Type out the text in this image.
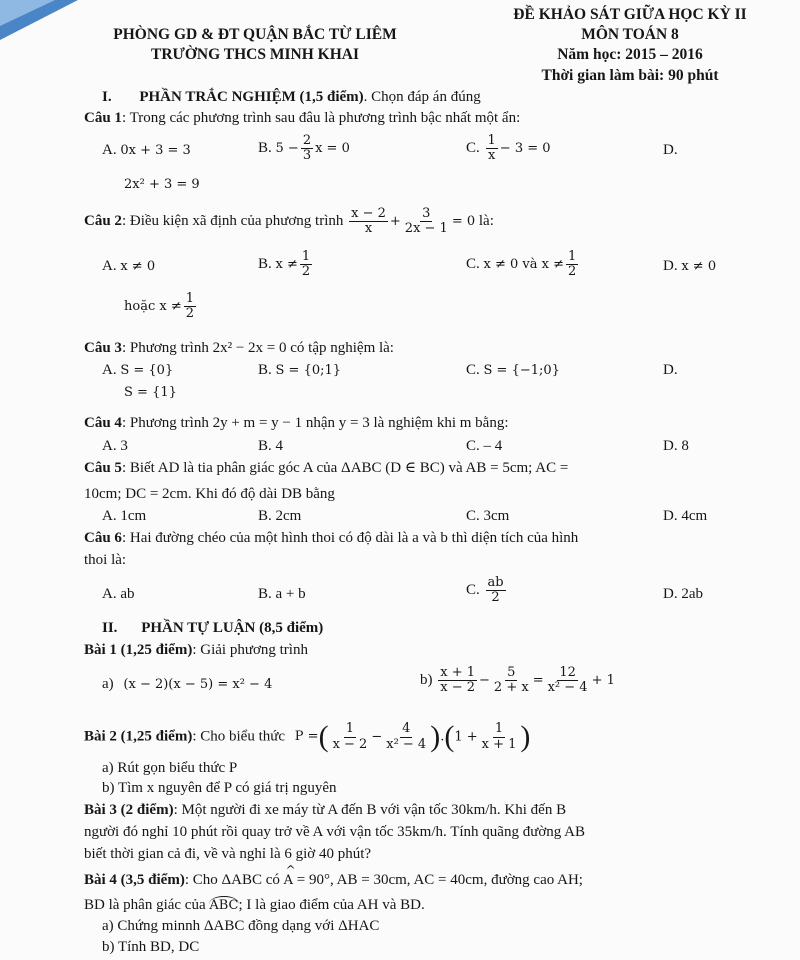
PHÒNG GD & ĐT QUẬN BẮC TỪ LIÊM
TRƯỜNG THCS MINH KHAI
ĐỀ KHẢO SÁT GIỮA HỌC KỲ II
MÔN TOÁN 8
Năm học: 2015 – 2016
Thời gian làm bài: 90 phút
I. PHẦN TRẮC NGHIỆM (1,5 điểm). Chọn đáp án đúng
Câu 1: Trong các phương trình sau đâu là phương trình bậc nhất một ẩn:
A. 0x + 3 = 3	B. $5 - \frac{2}{3}$ x = 0	C. $\frac{1}{x} - 3 = 0$	D.
2x² + 3 = 9
Câu 2: Điều kiện xã định của phương trình $\frac{x - 2}{x} + \frac{3}{2x - 1} = 0$ là:
A. x ≠ 0	B. $x \ne \frac{1}{2}$	C. x ≠ 0 và $x \ne \frac{1}{2}$	D. x ≠ 0
hoặc $x \ne \frac{1}{2}$
Câu 3: Phương trình 2x² − 2x = 0 có tập nghiệm là:
A. S = {0}	B. S = {0;1}	C. S = {−1;0}	D.
S = {1}
Câu 4: Phương trình 2y + m = y − 1 nhận y = 3 là nghiệm khi m bằng:
A. 3	B. 4	C. – 4	D. 8
Câu 5: Biết AD là tia phân giác góc A của ΔABC (D ∈ BC) và AB = 5cm; AC =
10cm; DC = 2cm. Khi đó độ dài DB bằng
A. 1cm	B. 2cm	C. 3cm	D. 4cm
Câu 6: Hai đường chéo của một hình thoi có độ dài là a và b thì diện tích của hình
thoi là:
A. ab	B. a + b	C. $\frac{ab}{2}$	D. 2ab
II. PHẦN TỰ LUẬN (8,5 điểm)
Bài 1 (1,25 điểm): Giải phương trình
a) (x − 2)(x − 5) = x² − 4	$b) \frac{x + 1}{x - 2} - \frac{5}{2 + x} = \frac{12}{\text{x² − 4}} + 1$
Bài 2 (1,25 điểm): Cho biểu thức P =( $\frac{1}{x - 2} - \frac{4}{\text{x² − 4}} ).(1 + \frac{1}{x + 1}$ )
a) Rút gọn biểu thức P
b) Tìm x nguyên để P có giá trị nguyên
Bài 3 (2 điểm): Một người đi xe máy từ A đến B với vận tốc 30km/h. Khi đến B
người đó nghỉ 10 phút rồi quay trở về A với vận tốc 35km/h. Tính quãng đường AB
biết thời gian cả đi, về và nghỉ là 6 giờ 40 phút?
Bài 4 (3,5 điểm): Cho ΔABC có ^ A = 90°, AB = 30cm, AC = 40cm, đường cao AH;
BD là phân giác của ABC; I là giao điểm của AH và BD.
a) Chứng minnh ΔABC đồng dạng với ΔHAC
b) Tính BD, DC
